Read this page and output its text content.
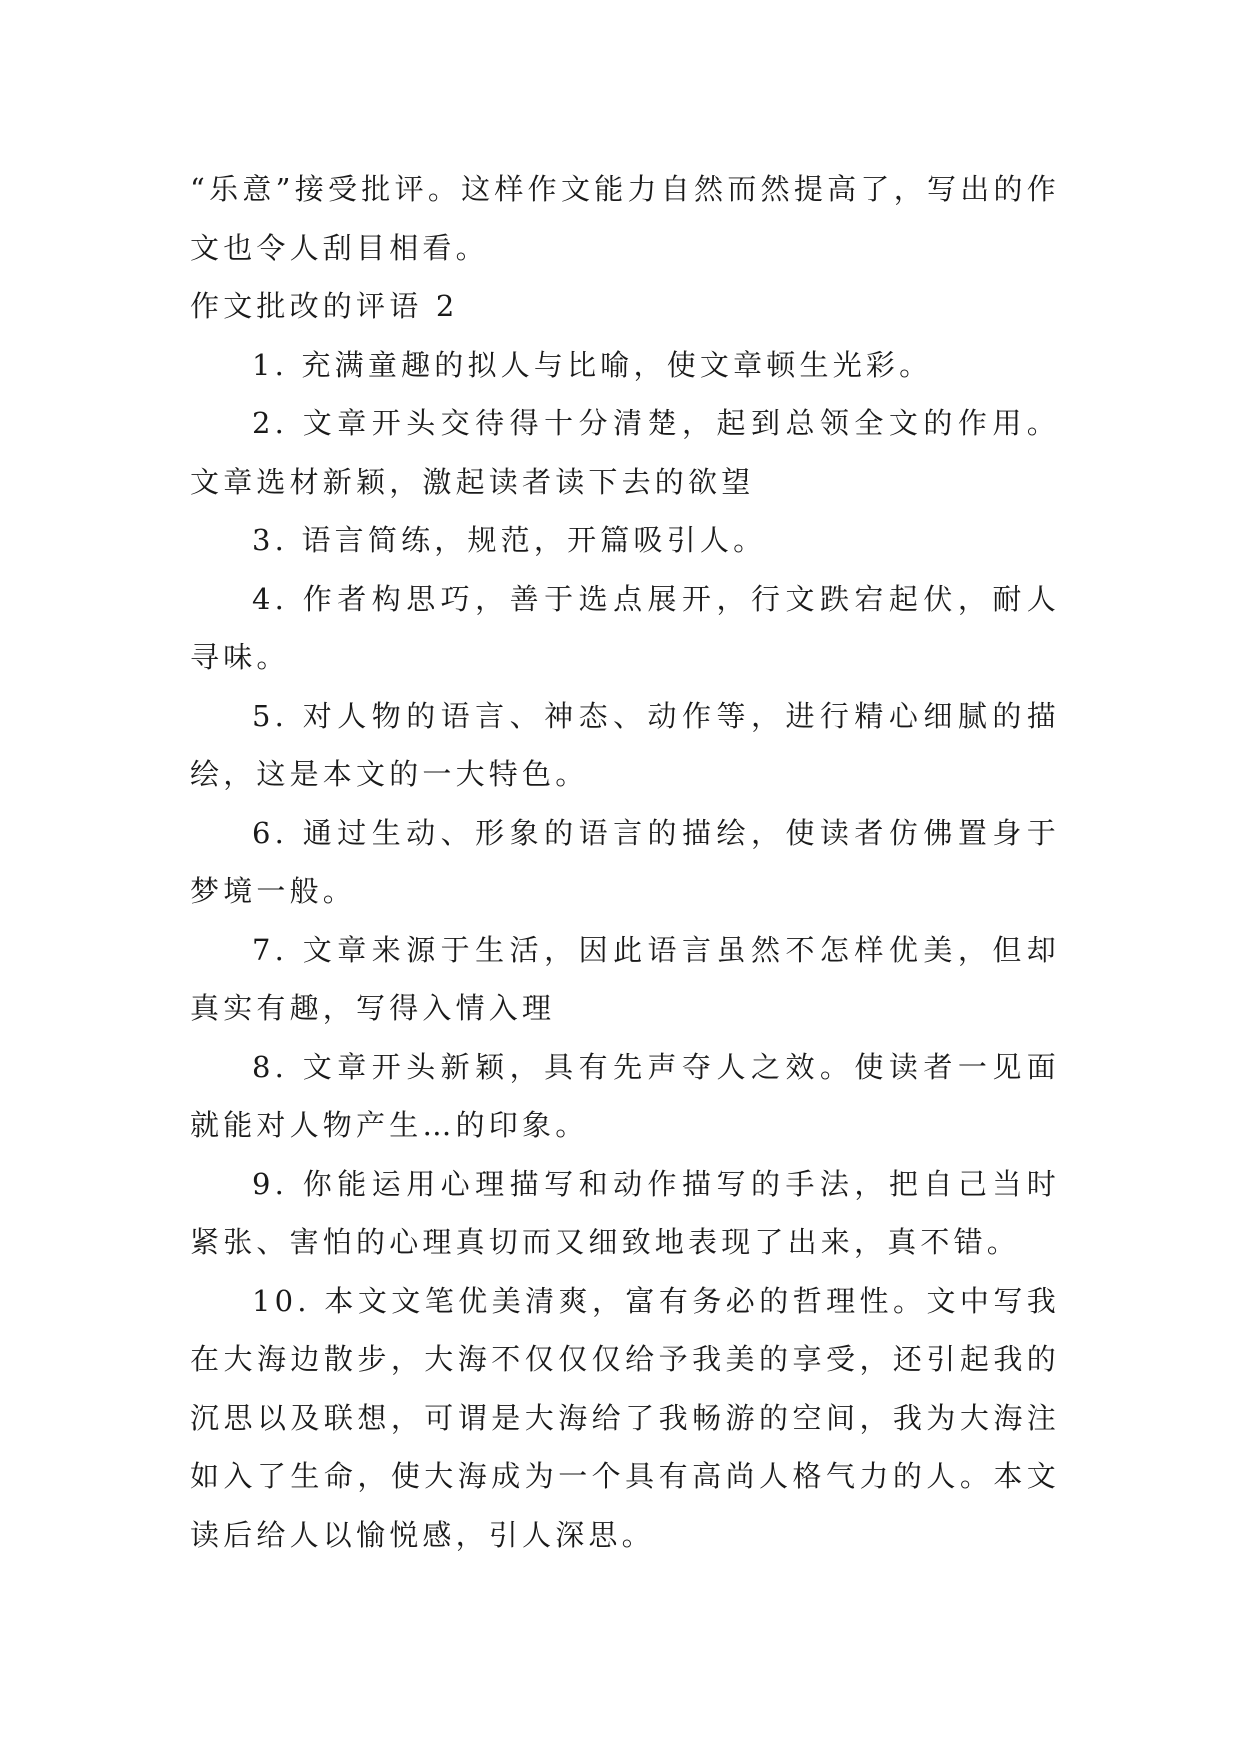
“乐意”接受批评。这样作文能力自然而然提高了，写出的作文也令人刮目相看。

作文批改的评语 2

1. 充满童趣的拟人与比喻，使文章顿生光彩。

2. 文章开头交待得十分清楚，起到总领全文的作用。文章选材新颖，激起读者读下去的欲望

3. 语言简练，规范，开篇吸引人。

4. 作者构思巧，善于选点展开，行文跌宕起伏，耐人寻味。

5. 对人物的语言、神态、动作等，进行精心细腻的描绘，这是本文的一大特色。

6. 通过生动、形象的语言的描绘，使读者仿佛置身于梦境一般。

7. 文章来源于生活，因此语言虽然不怎样优美，但却真实有趣，写得入情入理

8. 文章开头新颖，具有先声夺人之效。使读者一见面就能对人物产生…的印象。

9. 你能运用心理描写和动作描写的手法，把自己当时紧张、害怕的心理真切而又细致地表现了出来，真不错。

10. 本文文笔优美清爽，富有务必的哲理性。文中写我在大海边散步，大海不仅仅仅给予我美的享受，还引起我的沉思以及联想，可谓是大海给了我畅游的空间，我为大海注如入了生命，使大海成为一个具有高尚人格气力的人。本文读后给人以愉悦感，引人深思。
